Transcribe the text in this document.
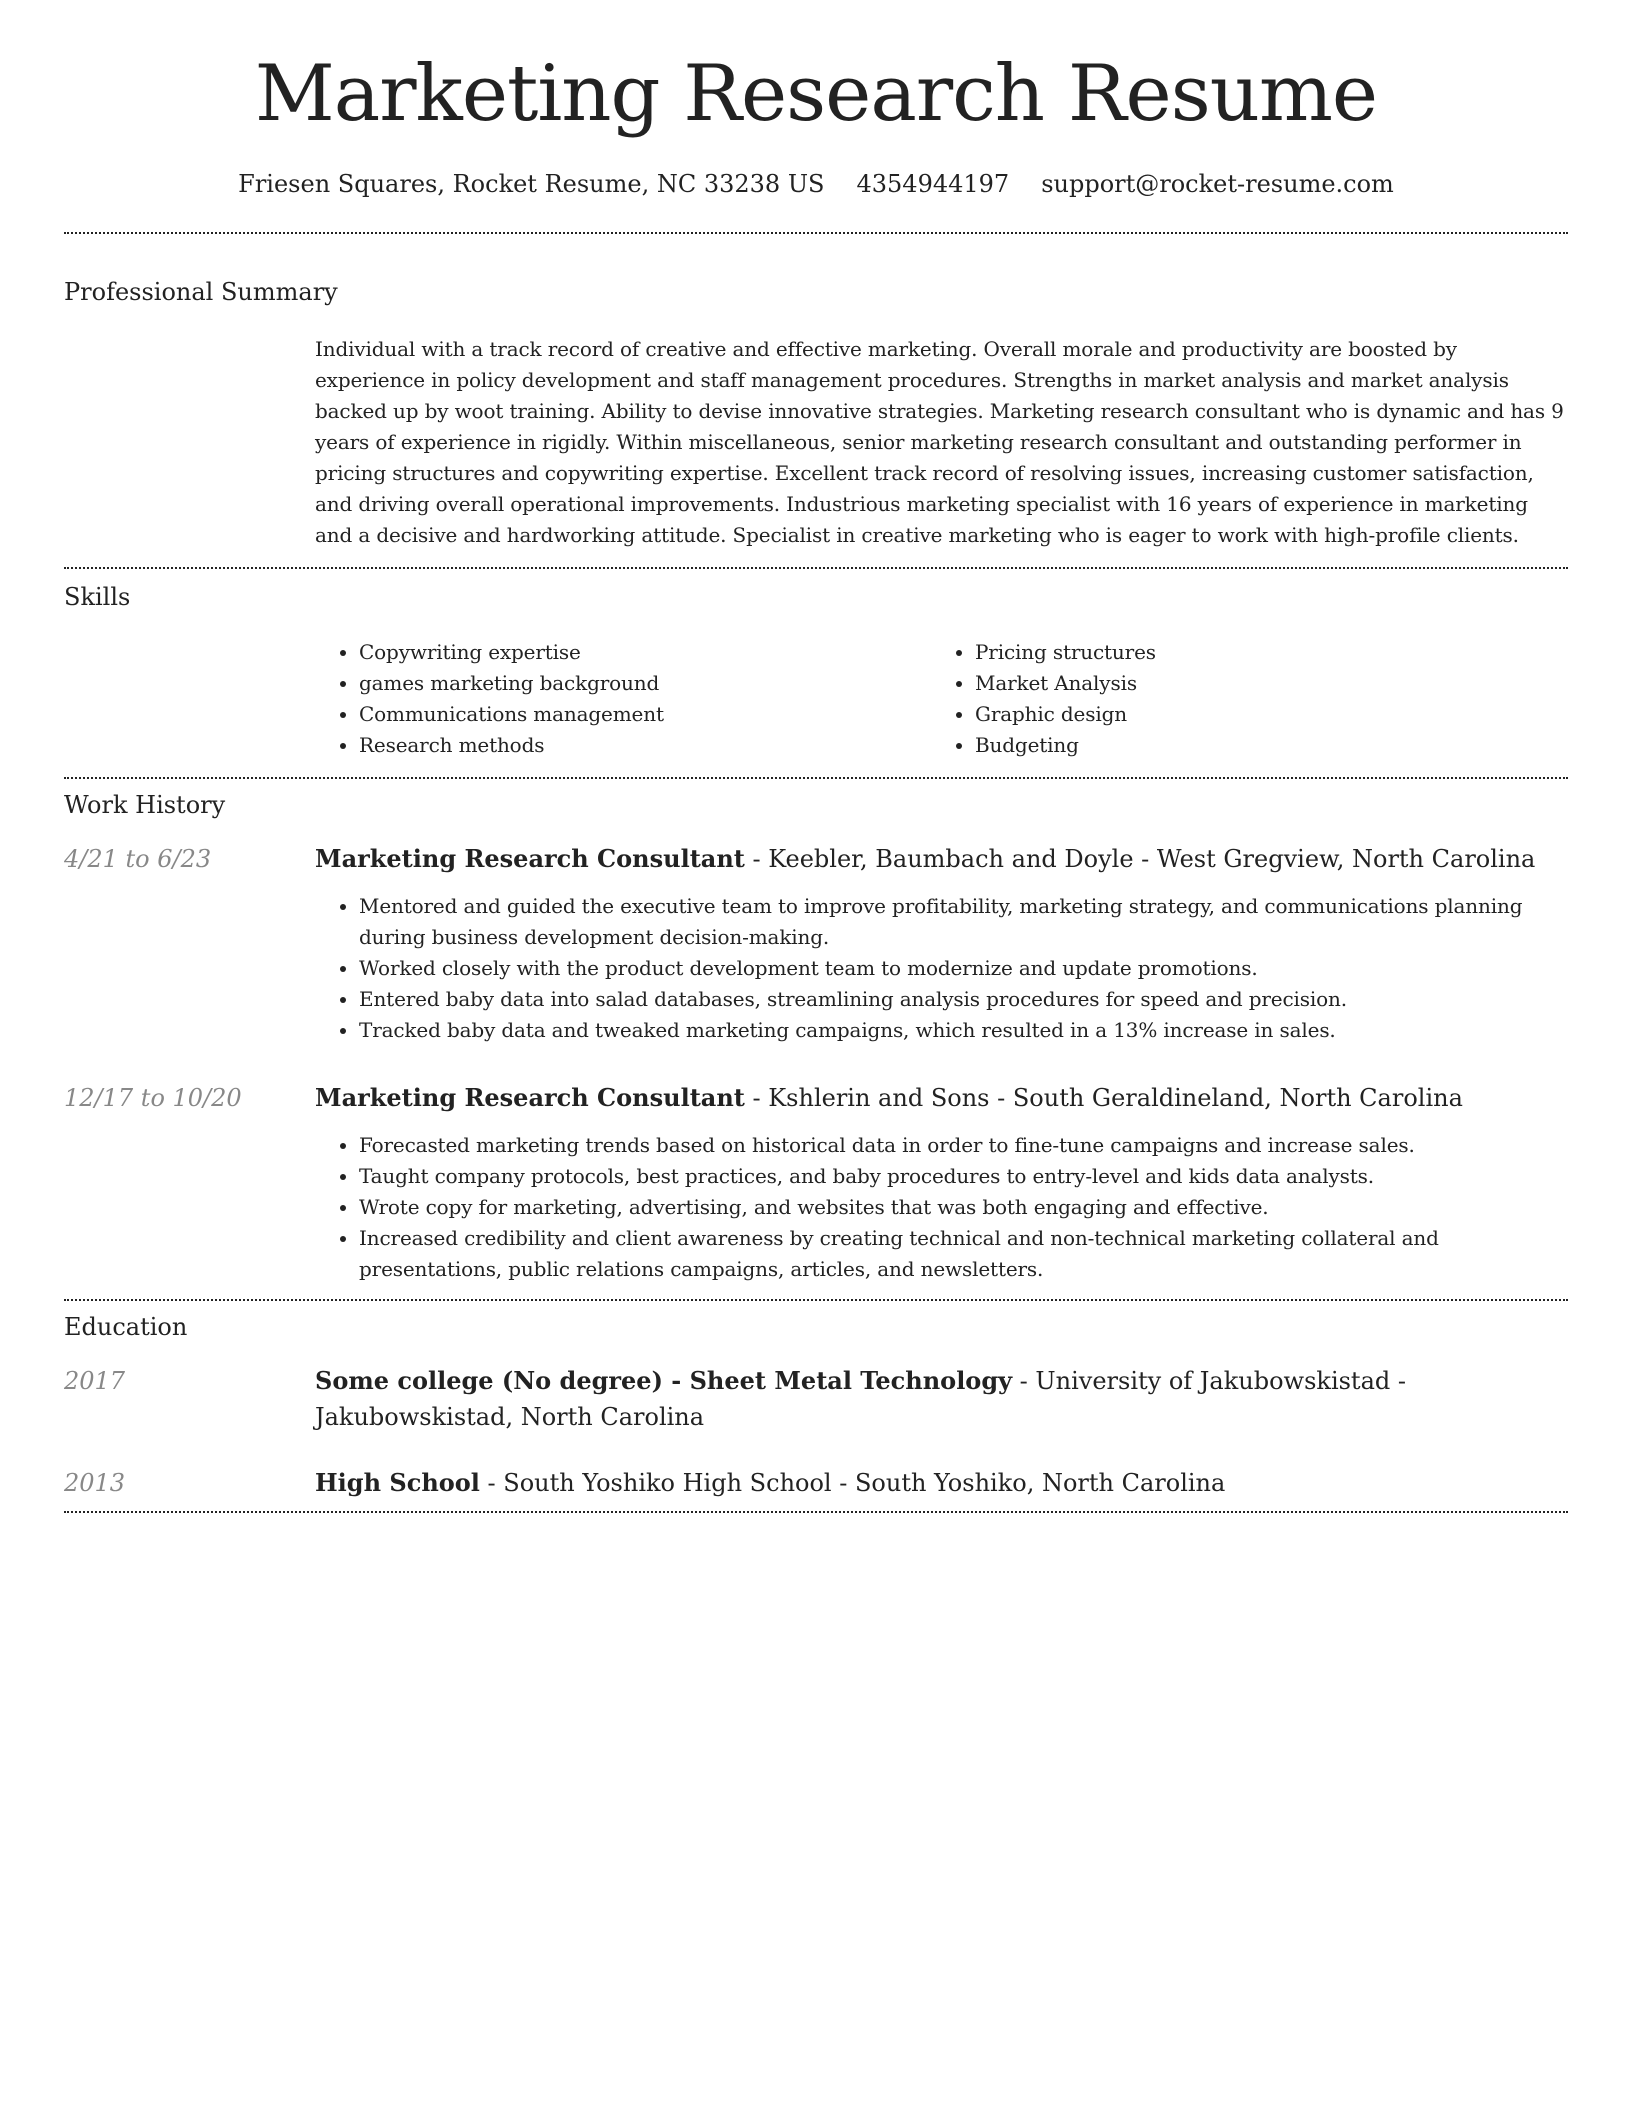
Marketing Research Resume
Friesen Squares, Rocket Resume, NC 33238 US 4354944197 support@rocket-resume.com
Professional Summary
Individual with a track record of creative and effective marketing. Overall morale and productivity are boosted by experience in policy development and staff management procedures. Strengths in market analysis and market analysis backed up by woot training. Ability to devise innovative strategies. Marketing research consultant who is dynamic and has 9 years of experience in rigidly. Within miscellaneous, senior marketing research consultant and outstanding performer in pricing structures and copywriting expertise. Excellent track record of resolving issues, increasing customer satisfaction, and driving overall operational improvements. Industrious marketing specialist with 16 years of experience in marketing and a decisive and hardworking attitude. Specialist in creative marketing who is eager to work with high-profile clients.
Skills
• Copywriting expertise
• games marketing background
• Communications management
• Research methods
• Pricing structures
• Market Analysis
• Graphic design
• Budgeting
Work History
4/21 to 6/23	Marketing Research Consultant - Keebler, Baumbach and Doyle - West Gregview, North Carolina
• Mentored and guided the executive team to improve profitability, marketing strategy, and communications planning during business development decision-making.
• Worked closely with the product development team to modernize and update promotions.
• Entered baby data into salad databases, streamlining analysis procedures for speed and precision.
• Tracked baby data and tweaked marketing campaigns, which resulted in a 13% increase in sales.
12/17 to 10/20	Marketing Research Consultant - Kshlerin and Sons - South Geraldineland, North Carolina
• Forecasted marketing trends based on historical data in order to fine-tune campaigns and increase sales.
• Taught company protocols, best practices, and baby procedures to entry-level and kids data analysts.
• Wrote copy for marketing, advertising, and websites that was both engaging and effective.
• Increased credibility and client awareness by creating technical and non-technical marketing collateral and presentations, public relations campaigns, articles, and newsletters.
Education
2017	Some college (No degree) - Sheet Metal Technology - University of Jakubowskistad - Jakubowskistad, North Carolina
2013	High School - South Yoshiko High School - South Yoshiko, North Carolina
